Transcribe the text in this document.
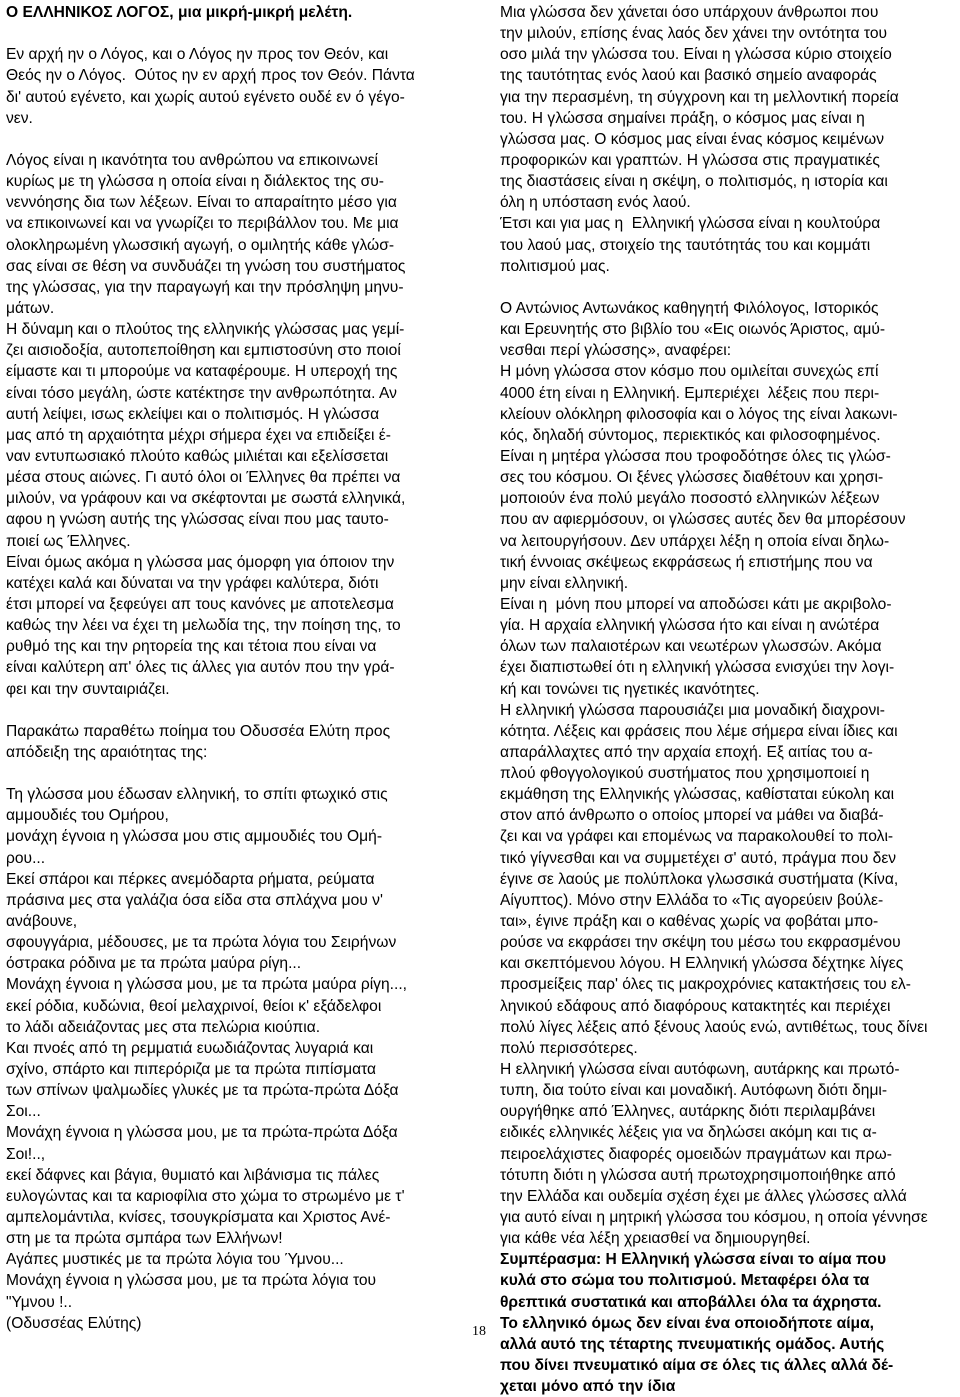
Ο ΕΛΛΗΝΙΚΟΣ ΛΟΓΟΣ, μια μικρή-μικρή μελέτη.
Εν αρχή ην ο Λόγος, και ο Λόγος ην προς τον Θεόν, και
Θεός ην ο Λόγος.  Ούτος ην εν αρχή προς τον Θεόν. Πάντα
δι' αυτού εγένετο, και χωρίς αυτού εγένετο ουδέ εν ό γέγο-
νεν.
Λόγος είναι η ικανότητα του ανθρώπου να επικοινωνεί
κυρίως με τη γλώσσα η οποία είναι η διάλεκτος της συ-
νεννόησης δια των λέξεων. Είναι το απαραίτητο μέσο για
να επικοινωνεί και να γνωρίζει το περιβάλλον του. Με μια
ολοκληρωμένη γλωσσική αγωγή, ο ομιλητής κάθε γλώσ-
σας είναι σε θέση να συνδυάζει τη γνώση του συστήματος
της γλώσσας, για την παραγωγή και την πρόσληψη μηνυ-
μάτων.
Η δύναμη και ο πλούτος της ελληνικής γλώσσας μας γεμί-
ζει αισιοδοξία, αυτοπεποίθηση και εμπιστοσύνη στο ποιοί
είμαστε και τι μπορούμε να καταφέρουμε. Η υπεροχή της
είναι τόσο μεγάλη, ώστε κατέκτησε την ανθρωπότητα. Αν
αυτή λείψει, ισως εκλείψει και ο πολιτισμός. Η γλώσσα
μας από τη αρχαιότητα μέχρι σήμερα έχει να επιδείξει έ-
ναν εντυπωσιακό πλούτο καθώς μιλιέται και εξελίσσεται
μέσα στους αιώνες. Γι αυτό όλοι οι Έλληνες θα πρέπει να
μιλούν, να γράφουν και να σκέφτονται με σωστά ελληνικά,
αφου η γνώση αυτής της γλώσσας είναι που μας ταυτο-
ποιεί ως Έλληνες.
Είναι όμως ακόμα η γλώσσα μας όμορφη για όποιον την
κατέχει καλά και δύναται να την γράφει καλύτερα, διότι
έτσι μπορεί να ξεφεύγει απ τους κανόνες με αποτελεσμα
καθώς την λέει να έχει τη μελωδία της, την ποίηση της, το
ρυθμό της και την ρητορεία της και τέτοια που είναι να
είναι καλύτερη απ' όλες τις άλλες για αυτόν που την γρά-
φει και την συνταιριάζει.
Παρακάτω παραθέτω ποίημα του Οδυσσέα Ελύτη προς
απόδειξη της αραιότητας της:
Τη γλώσσα μου έδωσαν ελληνική, το σπίτι φτωχικό στις
αμμουδιές του Ομήρου,
μονάχη έγνοια η γλώσσα μου στις αμμουδιές του Ομή-
ρου...
Εκεί σπάροι και πέρκες ανεμόδαρτα ρήματα, ρεύματα
πράσινα μες στα γαλάζια όσα είδα στα σπλάχνα μου ν'
ανάβουνε,
σφουγγάρια, μέδουσες, με τα πρώτα λόγια του Σειρήνων
όστρακα ρόδινα με τα πρώτα μαύρα ρίγη...
Μονάχη έγνοια η γλώσσα μου, με τα πρώτα μαύρα ρίγη...,
εκεί ρόδια, κυδώνια, θεοί μελαχρινοί, θείοι κ' εξάδελφοι
το λάδι αδειάζοντας μες στα πελώρια κιούπια.
Και πνοές από τη ρεμματιά ευωδιάζοντας λυγαριά και
σχίνο, σπάρτο και πιπερόριζα με τα πρώτα πιπίσματα
των σπίνων ψαλμωδίες γλυκές με τα πρώτα-πρώτα Δόξα
Σοι...
Μονάχη έγνοια η γλώσσα μου, με τα πρώτα-πρώτα Δόξα
Σοι!..,
εκεί δάφνες και βάγια, θυμιατό και λιβάνισμα τις πάλες
ευλογώντας και τα καριοφίλια στο χώμα το στρωμένο με τ'
αμπελομάντιλα, κνίσες, τσουγκρίσματα και Χριστος Ανέ-
στη με τα πρώτα σμπάρα των Ελλήνων!
Αγάπες μυστικές με τα πρώτα λόγια του Ύμνου...
Μονάχη έγνοια η γλώσσα μου, με τα πρώτα λόγια του
"Υμνου !..
(Οδυσσέας Ελύτης)
Μια γλώσσα δεν χάνεται όσο υπάρχουν άνθρωποι που
την μιλούν, επίσης ένας λαός δεν χάνει την οντότητα του
οσο μιλά την γλώσσα του. Είναι η γλώσσα κύριο στοιχείο
της ταυτότητας ενός λαού και βασικό σημείο αναφοράς
για την περασμένη, τη σύγχρονη και τη μελλοντική πορεία
του. Η γλώσσα σημαίνει πράξη, ο κόσμος μας είναι η
γλώσσα μας. Ο κόσμος μας είναι ένας κόσμος κειμένων
προφορικών και γραπτών. Η γλώσσα στις πραγματικές
της διαστάσεις είναι η σκέψη, ο πολιτισμός, η ιστορία και
όλη η υπόσταση ενός λαού.
Έτσι και για μας η  Ελληνική γλώσσα είναι η κουλτούρα
του λαού μας, στοιχείο της ταυτότητάς του και κομμάτι
πολιτισμού μας.
Ο Αντώνιος Αντωνάκος καθηγητή Φιλόλογος, Ιστορικός
και Ερευνητής στο βιβλίο του «Εις οιωνός Άριστος, αμύ-
νεσθαι περί γλώσσης», αναφέρει:
Η μόνη γλώσσα στον κόσμο που ομιλείται συνεχώς επί
4000 έτη είναι η Ελληνική. Εμπεριέχει  λέξεις που περι-
κλείουν ολόκληρη φιλοσοφία και ο λόγος της είναι λακωνι-
κός, δηλαδή σύντομος, περιεκτικός και φιλοσοφημένος.
Είναι η μητέρα γλώσσα που τροφοδότησε όλες τις γλώσ-
σες του κόσμου. Οι ξένες γλώσσες διαθέτουν και χρησι-
μοποιούν ένα πολύ μεγάλο ποσοστό ελληνικών λέξεων
που αν αφιερμόσουν, οι γλώσσες αυτές δεν θα μπορέσουν
να λειτουργήσουν. Δεν υπάρχει λέξη η οποία είναι δηλω-
τική έννοιας σκέψεως εκφράσεως ή επιστήμης που να
μην είναι ελληνική.
Είναι η  μόνη που μπορεί να αποδώσει κάτι με ακριβολο-
γία. Η αρχαία ελληνική γλώσσα ήτο και είναι η ανώτέρα
όλων των παλαιοτέρων και νεωτέρων γλωσσών. Ακόμα
έχει διαπιστωθεί ότι η ελληνική γλώσσα ενισχύει την λογι-
κή και τονώνει τις ηγετικές ικανότητες.
Η ελληνική γλώσσα παρουσιάζει μια μοναδική διαχρονι-
κότητα. Λέξεις και φράσεις που λέμε σήμερα είναι ίδιες και
απαράλλαχτες από την αρχαία εποχή. Εξ αιτίας του α-
πλού φθογγολογικού συστήματος που χρησιμοποιεί η
εκμάθηση της Ελληνικής γλώσσας, καθίσταται εύκολη και
στον από άνθρωπο ο οποίος μπορεί να μάθει να διαβά-
ζει και να γράφει και επομένως να παρακολουθεί το πολι-
τικό γίγνεσθαι και να συμμετέχει σ' αυτό, πράγμα που δεν
έγινε σε λαούς με πολύπλοκα γλωσσικά συστήματα (Κίνα,
Αίγυπτος). Μόνο στην Ελλάδα το «Τις αγορεύειν βούλε-
ται», έγινε πράξη και ο καθένας χωρίς να φοβάται μπο-
ρούσε να εκφράσει την σκέψη του μέσω του εκφρασμένου
και σκεπτόμενου λόγου. Η Ελληνική γλώσσα δέχτηκε λίγες
προσμείξεις παρ' όλες τις μακροχρόνιες κατακτήσεις του ελ-
ληνικού εδάφους από διαφόρους κατακτητές και περιέχει
πολύ λίγες λέξεις από ξένους λαούς ενώ, αντιθέτως, τους δίνει
πολύ περισσότερες.
Η ελληνική γλώσσα είναι αυτόφωνη, αυτάρκης και πρωτό-
τυπη, δια τούτο είναι και μοναδική. Αυτόφωνη διότι δημι-
ουργήθηκε από Έλληνες, αυτάρκης διότι περιλαμβάνει
ειδικές ελληνικές λέξεις για να δηλώσει ακόμη και τις α-
πειροελάχιστες διαφορές ομοειδών πραγμάτων και πρω-
τότυπη διότι η γλώσσα αυτή πρωτοχρησιμοποιήθηκε από
την Ελλάδα και ουδεμία σχέση έχει με άλλες γλώσσες αλλά
για αυτό είναι η μητρική γλώσσα του κόσμου, η οποία γέννησε
για κάθε νέα λέξη χρειασθεί να δημιουργηθεί.
Συμπέρασμα: Η Ελληνική γλώσσα είναι το αίμα που
κυλά στο σώμα του πολιτισμού. Μεταφέρει όλα τα
θρεπτικά συστατικά και αποβάλλει όλα τα άχρηστα.
Το ελληνικό όμως δεν είναι ένα οποιοδήποτε αίμα,
αλλά αυτό της τέταρτης πνευματικής ομάδος. Αυτής
που δίνει πνευματικό αίμα σε όλες τις άλλες αλλά δέ-
χεται μόνο από την ίδια
18
